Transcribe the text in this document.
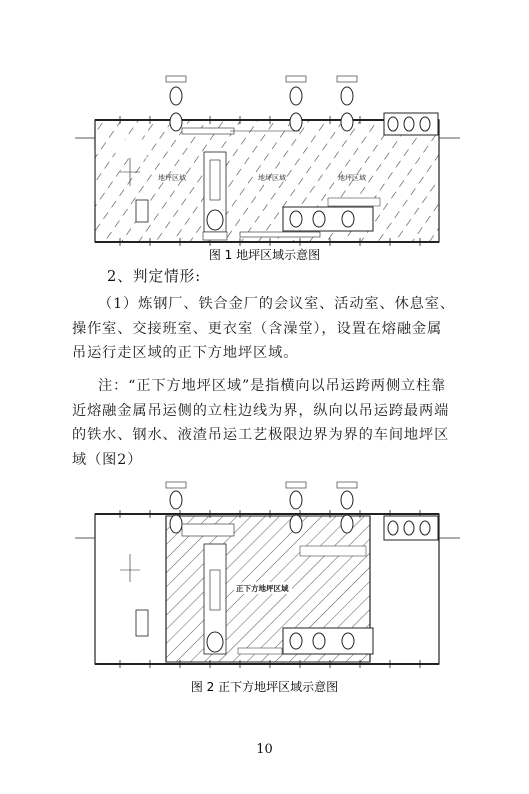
地坪区域	地坪区域	地坪区域
图 1 地坪区域示意图
2、判定情形:
（1）炼钢厂、铁合金厂的会议室、活动室、休息室、
操作室、交接班室、更衣室（含澡堂），设置在熔融金属
吊运行走区域的正下方地坪区域。
注：“正下方地坪区域”是指横向以吊运跨两侧立柱靠
近熔融金属吊运侧的立柱边线为界，纵向以吊运跨最两端
的铁水、钢水、液渣吊运工艺极限边界为界的车间地坪区
域（图2）
正下方地坪区域
图 2 正下方地坪区域示意图
10
